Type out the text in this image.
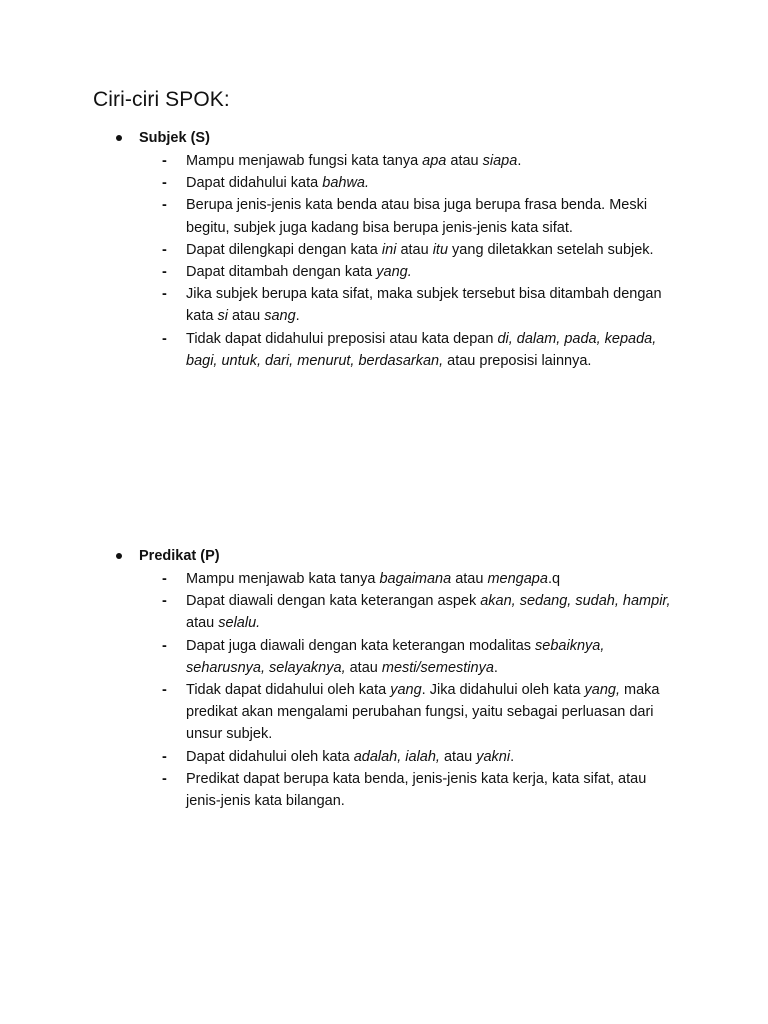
Ciri-ciri SPOK:
Subjek (S)
- Mampu menjawab fungsi kata tanya apa atau siapa.
- Dapat didahului kata bahwa.
- Berupa jenis-jenis kata benda atau bisa juga berupa frasa benda. Meski begitu, subjek juga kadang bisa berupa jenis-jenis kata sifat.
- Dapat dilengkapi dengan kata ini atau itu yang diletakkan setelah subjek.
- Dapat ditambah dengan kata yang.
- Jika subjek berupa kata sifat, maka subjek tersebut bisa ditambah dengan kata si atau sang.
- Tidak dapat didahului preposisi atau kata depan di, dalam, pada, kepada, bagi, untuk, dari, menurut, berdasarkan, atau preposisi lainnya.
Predikat (P)
- Mampu menjawab kata tanya bagaimana atau mengapa.q
- Dapat diawali dengan kata keterangan aspek akan, sedang, sudah, hampir, atau selalu.
- Dapat juga diawali dengan kata keterangan modalitas sebaiknya, seharusnya, selayaknya, atau mesti/semestinya.
- Tidak dapat didahului oleh kata yang. Jika didahului oleh kata yang, maka predikat akan mengalami perubahan fungsi, yaitu sebagai perluasan dari unsur subjek.
- Dapat didahului oleh kata adalah, ialah, atau yakni.
- Predikat dapat berupa kata benda, jenis-jenis kata kerja, kata sifat, atau jenis-jenis kata bilangan.
